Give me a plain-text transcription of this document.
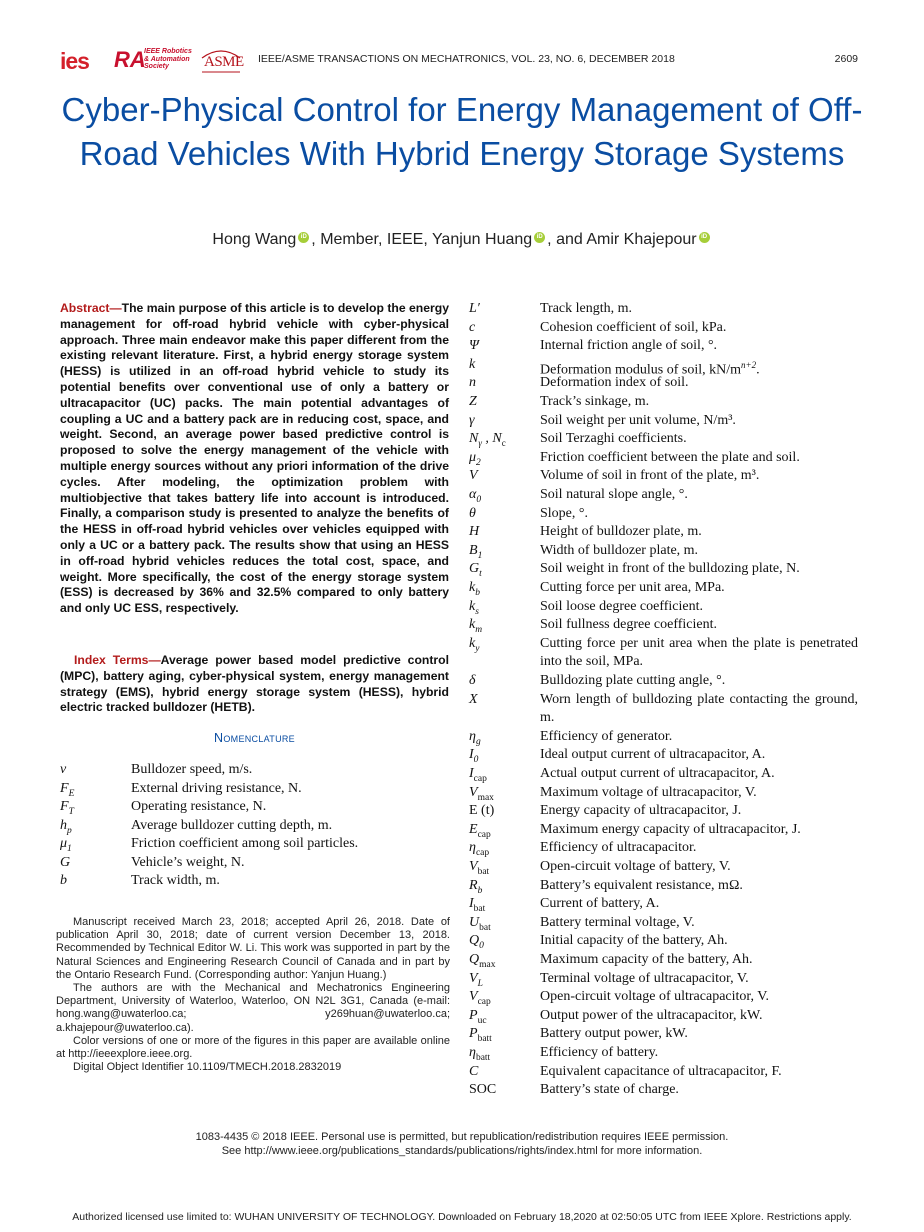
ies RA
IEEE Robotics & Automation Society	ASME IEEE/ASME TRANSACTIONS ON MECHATRONICS, VOL. 23, NO. 6, DECEMBER 2018	2609
Cyber-Physical Control for Energy Management of Off-Road Vehicles With Hybrid Energy Storage Systems
Hong Wang iD , Member, IEEE, Yanjun Huang iD , and Amir Khajepour iD
Abstract—The main purpose of this article is to develop the energy management for off-road hybrid vehicle with cyber-physical approach. Three main endeavor make this paper different from the existing relevant literature. First, a hybrid energy storage system (HESS) is utilized in an off-road hybrid vehicle to study its potential benefits over conventional use of only a battery or ultracapacitor (UC) packs. The main potential advantages of coupling a UC and a battery pack are in reducing cost, space, and weight. Second, an average power based predictive control is proposed to solve the energy management of the vehicle with multiple energy sources without any priori information of the drive cycles. After modeling, the optimization problem with multiobjective that takes battery life into account is introduced. Finally, a comparison study is presented to analyze the benefits of the HESS in off-road hybrid vehicles over vehicles equipped with only a UC or a battery pack. The results show that using an HESS in off-road hybrid vehicles reduces the total cost, space, and weight. More specifically, the cost of the energy storage system (ESS) is decreased by 36% and 32.5% compared to only battery and only UC ESS, respectively.
Index Terms—Average power based model predictive control (MPC), battery aging, cyber-physical system, energy management strategy (EMS), hybrid energy storage system (HESS), hybrid electric tracked bulldozer (HETB).
Nomenclature
v	Bulldozer speed, m/s.
$F_E$	External driving resistance, N.
$F_T$	Operating resistance, N.
$h_p$	Average bulldozer cutting depth, m.
$\mu_1$	Friction coefficient among soil particles.
G	Vehicle’s weight, N.
b	Track width, m.
L′	Track length, m.
c	Cohesion coefficient of soil, kPa.
Ψ	Internal friction angle of soil, °.
k	Deformation modulus of soil, $kN/m^{n+2}$.
n	Deformation index of soil.
Z	Track’s sinkage, m.
γ	Soil weight per unit volume, N/m³.
$N_\gamma$ , $N_c$ Soil Terzaghi coefficients.
$\mu_2$	Friction coefficient between the plate and soil.
V	Volume of soil in front of the plate, m³.
$\alpha_0$	Soil natural slope angle, °.
θ	Slope, °.
H	Height of bulldozer plate, m.
$B_1$	Width of bulldozer plate, m.
$G_t$	Soil weight in front of the bulldozing plate, N.
$k_b$	Cutting force per unit area, MPa.
$k_s$	Soil loose degree coefficient.
$k_m$	Soil fullness degree coefficient.
$k_y$	Cutting force per unit area when the plate is penetrated into the soil, MPa.
δ	Bulldozing plate cutting angle, °.
X	Worn length of bulldozing plate contacting the ground, m.
$\eta_g$	Efficiency of generator.
$I_0$	Ideal output current of ultracapacitor, A.
$I_{cap}$	Actual output current of ultracapacitor, A.
$V_{max}$	Maximum voltage of ultracapacitor, V.
E (t)	Energy capacity of ultracapacitor, J.
$E_{cap}$	Maximum energy capacity of ultracapacitor, J.
$\eta_{cap}$	Efficiency of ultracapacitor.
$V_{bat}$	Open-circuit voltage of battery, V.
$R_b$	Battery’s equivalent resistance, mΩ.
$I_{bat}$	Current of battery, A.
$U_{bat}$	Battery terminal voltage, V.
$Q_0$	Initial capacity of the battery, Ah.
$Q_{max}$	Maximum capacity of the battery, Ah.
$V_L$	Terminal voltage of ultracapacitor, V.
$V_{cap}$	Open-circuit voltage of ultracapacitor, V.
$P_{uc}$	Output power of the ultracapacitor, kW.
$P_{batt}$	Battery output power, kW.
$\eta_{batt}$	Efficiency of battery.
C	Equivalent capacitance of ultracapacitor, F.
SOC	Battery’s state of charge.

Manuscript received March 23, 2018; accepted April 26, 2018. Date of publication April 30, 2018; date of current version December 13, 2018. Recommended by Technical Editor W. Li. This work was supported in part by the Natural Sciences and Engineering Research Council of Canada and in part by the Ontario Research Fund. (Corresponding author: Yanjun Huang.)

The authors are with the Mechanical and Mechatronics Engineering Department, University of Waterloo, Waterloo, ON N2L 3G1, Canada (e-mail: hong.wang@uwaterloo.ca; y269huan@uwaterloo.ca; a.khajepour@uwaterloo.ca).

Color versions of one or more of the figures in this paper are available online at http://ieeexplore.ieee.org.

Digital Object Identifier 10.1109/TMECH.2018.2832019

1083-4435 © 2018 IEEE. Personal use is permitted, but republication/redistribution requires IEEE permission.
See http://www.ieee.org/publications_standards/publications/rights/index.html for more information.
Authorized licensed use limited to: WUHAN UNIVERSITY OF TECHNOLOGY. Downloaded on February 18,2020 at 02:50:05 UTC from IEEE Xplore. Restrictions apply.
